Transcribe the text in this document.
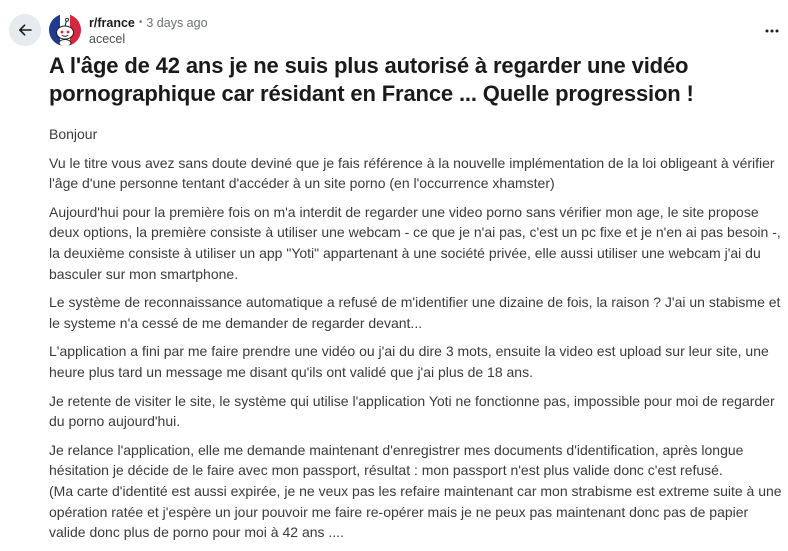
r/france • 3 days ago
acecel
A l'âge de 42 ans je ne suis plus autorisé à regarder une vidéo pornographique car résidant en France ... Quelle progression !

Bonjour

Vu le titre vous avez sans doute deviné que je fais référence à la nouvelle implémentation de la loi obligeant à vérifier l'âge d'une personne tentant d'accéder à un site porno (en l'occurrence xhamster)

Aujourd'hui pour la première fois on m'a interdit de regarder une video porno sans vérifier mon age, le site propose deux options, la première consiste à utiliser une webcam - ce que je n'ai pas, c'est un pc fixe et je n'en ai pas besoin -, la deuxième consiste à utiliser un app "Yoti" appartenant à une société privée, elle aussi utiliser une webcam j'ai du basculer sur mon smartphone.

Le système de reconnaissance automatique a refusé de m'identifier une dizaine de fois, la raison ? J'ai un stabisme et le systeme n'a cessé de me demander de regarder devant...

L'application a fini par me faire prendre une vidéo ou j'ai du dire 3 mots, ensuite la video est upload sur leur site, une heure plus tard un message me disant qu'ils ont validé que j'ai plus de 18 ans.

Je retente de visiter le site, le système qui utilise l'application Yoti ne fonctionne pas, impossible pour moi de regarder du porno aujourd'hui.

Je relance l'application, elle me demande maintenant d'enregistrer mes documents d'identification, après longue hésitation je décide de le faire avec mon passport, résultat : mon passport n'est plus valide donc c'est refusé.

(Ma carte d'identité est aussi expirée, je ne veux pas les refaire maintenant car mon strabisme est extreme suite à une opération ratée et j'espère un jour pouvoir me faire re-opérer mais je ne peux pas maintenant donc pas de papier valide donc plus de porno pour moi à 42 ans ....
